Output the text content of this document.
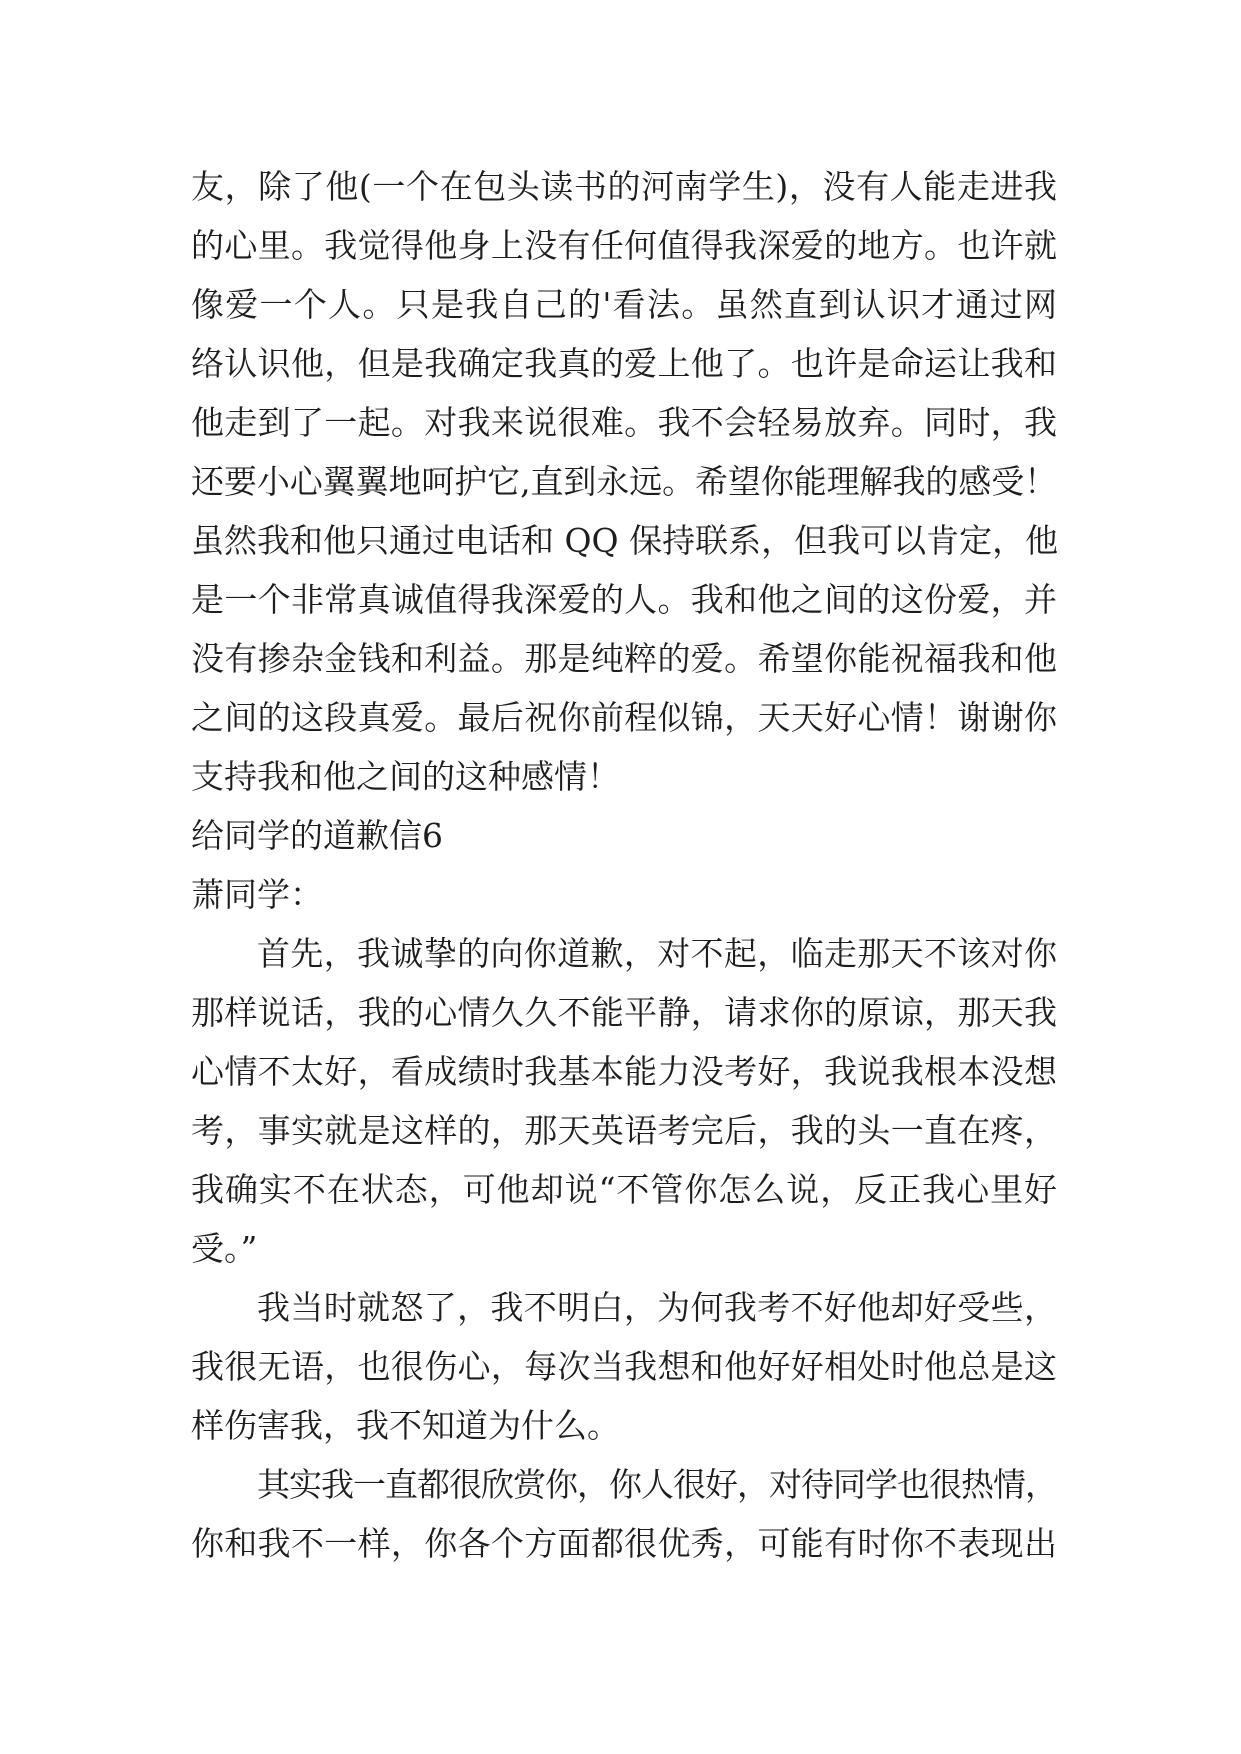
友，除了他(一个在包头读书的河南学生)，没有人能走进我
的心里。我觉得他身上没有任何值得我深爱的地方。也许就
像爱一个人。只是我自己的'看法。虽然直到认识才通过网
络认识他，但是我确定我真的爱上他了。也许是命运让我和
他走到了一起。对我来说很难。我不会轻易放弃。同时，我
还要小心翼翼地呵护它,直到永远。希望你能理解我的感受！
虽然我和他只通过电话和 QQ 保持联系，但我可以肯定，他
是一个非常真诚值得我深爱的人。我和他之间的这份爱，并
没有掺杂金钱和利益。那是纯粹的爱。希望你能祝福我和他
之间的这段真爱。最后祝你前程似锦，天天好心情！谢谢你
支持我和他之间的这种感情！
给同学的道歉信6
萧同学：
首先，我诚挚的向你道歉，对不起，临走那天不该对你
那样说话，我的心情久久不能平静，请求你的原谅，那天我
心情不太好，看成绩时我基本能力没考好，我说我根本没想
考，事实就是这样的，那天英语考完后，我的头一直在疼，
我确实不在状态，可他却说“不管你怎么说，反正我心里好
受。”
我当时就怒了，我不明白，为何我考不好他却好受些，
我很无语，也很伤心，每次当我想和他好好相处时他总是这
样伤害我，我不知道为什么。
其实我一直都很欣赏你，你人很好，对待同学也很热情，
你和我不一样，你各个方面都很优秀，可能有时你不表现出
